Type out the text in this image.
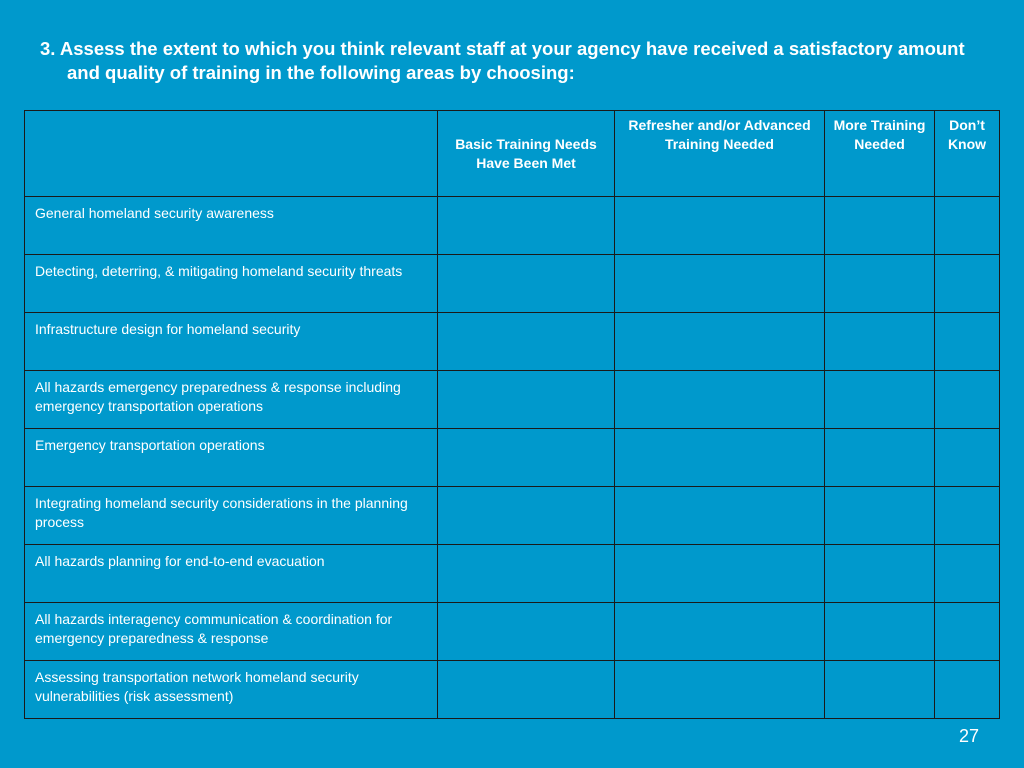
3. Assess the extent to which you think relevant staff at your agency have received a satisfactory amount and quality of training in the following areas by choosing:

	Basic Training Needs Have Been Met	Refresher and/or Advanced Training Needed	More Training Needed	Don’t Know
General homeland security awareness				
Detecting, deterring, & mitigating homeland security threats				
Infrastructure design for homeland security				
All hazards emergency preparedness & response including emergency transportation operations				
Emergency transportation operations				
Integrating homeland security considerations in the planning process				
All hazards planning for end-to-end evacuation				
All hazards interagency communication & coordination for emergency preparedness & response				
Assessing transportation network homeland security vulnerabilities (risk assessment)				
27
